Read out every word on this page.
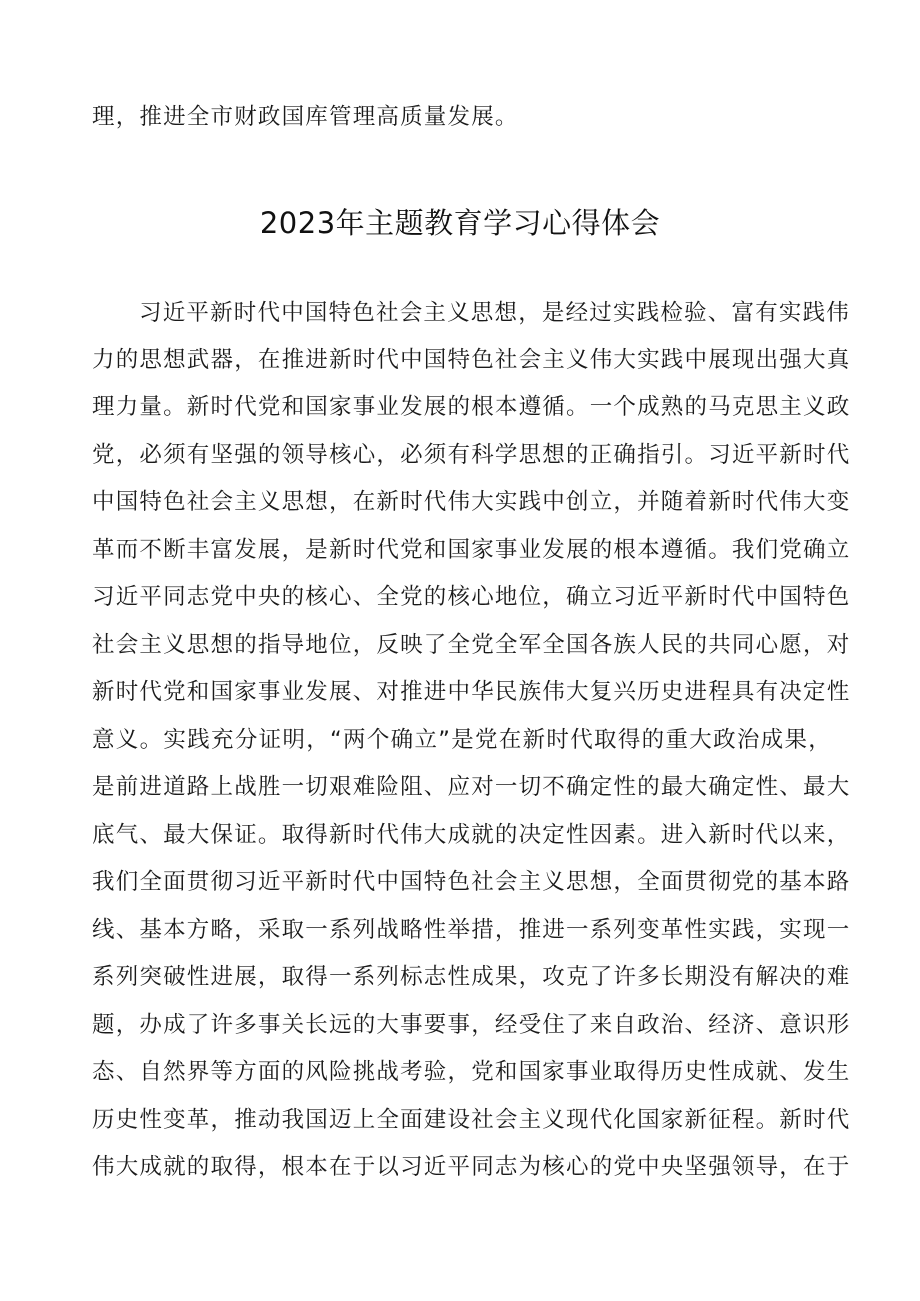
理，推进全市财政国库管理高质量发展。
2023年主题教育学习心得体会
习近平新时代中国特色社会主义思想，是经过实践检验、富有实践伟
力的思想武器，在推进新时代中国特色社会主义伟大实践中展现出强大真
理力量。新时代党和国家事业发展的根本遵循。一个成熟的马克思主义政
党，必须有坚强的领导核心，必须有科学思想的正确指引。习近平新时代
中国特色社会主义思想，在新时代伟大实践中创立，并随着新时代伟大变
革而不断丰富发展，是新时代党和国家事业发展的根本遵循。我们党确立
习近平同志党中央的核心、全党的核心地位，确立习近平新时代中国特色
社会主义思想的指导地位，反映了全党全军全国各族人民的共同心愿，对
新时代党和国家事业发展、对推进中华民族伟大复兴历史进程具有决定性
意义。实践充分证明，“两个确立”是党在新时代取得的重大政治成果，
是前进道路上战胜一切艰难险阻、应对一切不确定性的最大确定性、最大
底气、最大保证。取得新时代伟大成就的决定性因素。进入新时代以来，
我们全面贯彻习近平新时代中国特色社会主义思想，全面贯彻党的基本路
线、基本方略，采取一系列战略性举措，推进一系列变革性实践，实现一
系列突破性进展，取得一系列标志性成果，攻克了许多长期没有解决的难
题，办成了许多事关长远的大事要事，经受住了来自政治、经济、意识形
态、自然界等方面的风险挑战考验，党和国家事业取得历史性成就、发生
历史性变革，推动我国迈上全面建设社会主义现代化国家新征程。新时代
伟大成就的取得，根本在于以习近平同志为核心的党中央坚强领导，在于
